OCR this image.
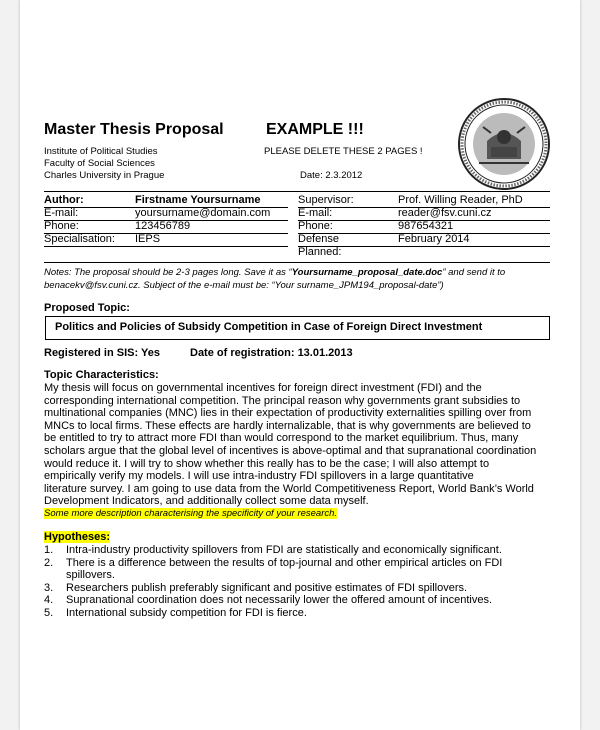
Master Thesis Proposal	EXAMPLE !!!
Institute of Political Studies
Faculty of Social Sciences
Charles University in Prague
PLEASE DELETE THESE 2 PAGES !
Date: 2.3.2012
Author:	Firstname Yoursurname
E-mail:	yoursurname@domain.com
Phone:	123456789
Specialisation: IEPS
Supervisor:	Prof. Willing Reader, PhD
E-mail:	reader@fsv.cuni.cz
Phone:	987654321
Defense	February 2014
Planned:
Notes: The proposal should be 2-3 pages long. Save it as “Yoursurname_proposal_date.doc” and send it to
benacekv@fsv.cuni.cz. Subject of the e-mail must be: “Your surname_JPM194_proposal-date”)
Proposed Topic:
Politics and Policies of Subsidy Competition in Case of Foreign Direct Investment
Registered in SIS: Yes	Date of registration: 13.01.2013
Topic Characteristics:
My thesis will focus on governmental incentives for foreign direct investment (FDI) and the
corresponding international competition. The principal reason why governments grant subsidies to
multinational companies (MNC) lies in their expectation of productivity externalities spilling over from
MNCs to local firms. These effects are hardly internalizable, that is why governments are believed to
be entitled to try to attract more FDI than would correspond to the market equilibrium. Thus, many
scholars argue that the global level of incentives is above-optimal and that supranational coordination
would reduce it. I will try to show whether this really has to be the case; I will also attempt to
empirically verify my models. I will use intra-industry FDI spillovers in a large quantitative
literature survey. I am going to use data from the World Competitiveness Report, World Bank’s World
Development Indicators, and additionally collect some data myself.
Some more description characterising the specificity of your research.
Hypotheses:
1.	Intra-industry productivity spillovers from FDI are statistically and economically significant.
2.	There is a difference between the results of top-journal and other empirical articles on FDI
spillovers.
3.	Researchers publish preferably significant and positive estimates of FDI spillovers.
4.	Supranational coordination does not necessarily lower the offered amount of incentives.
5.	International subsidy competition for FDI is fierce.
